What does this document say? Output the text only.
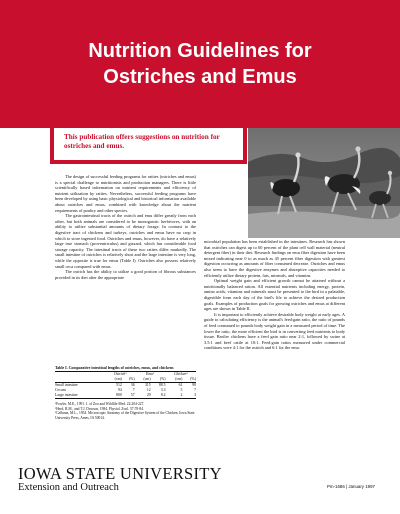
Nutrition Guidelines for
Ostriches and Emus
This publication offers suggestions on nutrition for ostriches and emus.

The design of successful feeding programs for ratites (ostriches and emus) is a special challenge to nutritionists and production managers. There is little scientifically based information on nutrient requirements and efficiency of nutrient utilization by ratites. Nevertheless, successful feeding programs have been developed by using basic physiological and historical information available about ostriches and emus, combined with knowledge about the nutrient requirements of poultry and other species.

The gastrointestinal tracts of the ostrich and emu differ greatly from each other, but both animals are considered to be monogastric herbivores, with an ability to utilize substantial amounts of dietary forage. In contrast to the digestive tract of chickens and turkeys, ostriches and emus have no crop in which to store ingested food. Ostriches and emus, however, do have a relatively large true stomach (proventriculus) and gizzard, which has considerable food storage capacity. The intestinal tracts of these two ratites differ markedly. The small intestine of ostriches is relatively short and the large intestine is very long, while the opposite is true for emus (Table I). Ostriches also possess relatively small ceca compared with emus.

The ostrich has the ability to utilize a good portion of fibrous substances provided in its diet after the appropriate

microbial population has been established in the intestines. Research has shown that ostriches can digest up to 60 percent of the plant cell wall material (neutral detergent fiber) in their diet. Research findings on emu fiber digestion have been mixed indicating near 0 to as much as 45 percent fiber digestion with greatest digestion occurring as amounts of fiber consumed decrease. Ostriches and emus also seem to have the digestive enzymes and absorptive capacities needed to efficiently utilize dietary protein, fats, minerals, and vitamins.

Optimal weight gain and efficient growth cannot be attained without a nutritionally balanced ration. All essential nutrients including energy, protein, amino acids, vitamins and minerals must be presented to the bird in a palatable, digestible form each day of the bird's life to achieve the desired production goals. Examples of production goals for growing ostriches and emus at different ages are shown in Table II.

It is important to efficiently achieve desirable body weight at early ages. A guide to calculating efficiency is the animal's feed:gain ratio, the ratio of pounds of feed consumed to pounds body weight gain in a measured period of time. The lower the ratio, the more efficient the bird is in converting feed nutrients to body tissue. Broiler chickens have a feed gain ratio near 2:1, followed by swine at 3.5:1 and beef cattle at 10:1. Feed:gain ratios measured under commercial conditions were 4:1 for the ostrich and 6:1 for the emu.

Table I. Comparative intestinal lengths of ostriches, emus, and chickens
	Ostrich¹		Emu²		Chicken³	
	(cm)	(%)	(cm)	(%)	(cm)	(%)
Small intestine	512	36	315	88.5	61	90
Cecum	94	7	12	3.3	5	7
Large intestine	800	57	29	8.2	2	3
¹Fowler, M.E., 1991. J. of Zoo and Wildlife Med. 22:204-227.
²Herd, R.M., and T.J. Dawson, 1984. Physiol. Zool. 57:70-84.
³Calhoun, M.L., 1954. Microscopic Anatomy of the Digestive System of the Chicken, Iowa State University Press, Ames, IA 50014.
IOWA STATE UNIVERSITY
Extension and Outreach	Pm-1686 | January 1997
